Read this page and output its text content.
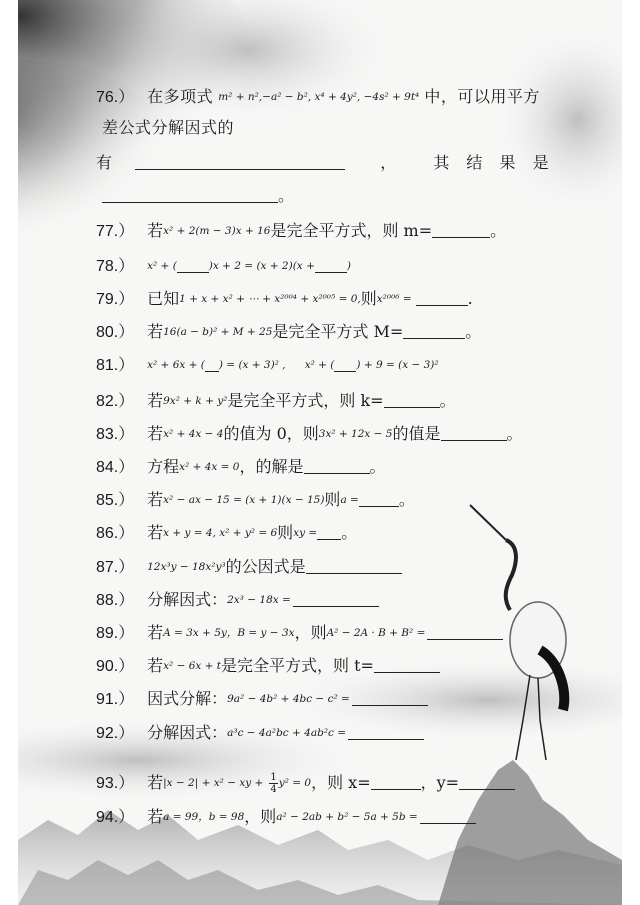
76.） 在多项式 m² + n²,−a² − b², x⁴ + 4y², −4s² + 9t⁴ 中，可以用平方
差公式分解因式的
有	， 其 结 果 是
。
77.） 若x² + 2(m − 3)x + 16是完全平方式，则 m=	。
78.） x² + (	)x + 2 = (x + 2)(x +	)
79.） 已知1 + x + x² + ⋯ + x²⁰⁰⁴ + x²⁰⁰⁵ = 0,则x²⁰⁰⁶ =	.
80.） 若16(a − b)² + M + 25是完全平方式 M=	。
81.） x² + 6x + ( ) = (x + 3)² , x² + ( ) + 9 = (x − 3)²
82.） 若9x² + k + y²是完全平方式，则 k=	。
83.） 若x² + 4x − 4的值为 0，则3x² + 12x − 5的值是	。
84.） 方程x² + 4x = 0，的解是	。
85.） 若x² − ax − 15 = (x + 1)(x − 15)则a =	。
86.） 若x + y = 4, x² + y² = 6则xy = 。
87.） 12x³y − 18x²y³的公因式是
88.） 分解因式：2x³ − 18x =
89.） 若A = 3x + 5y，B = y − 3x，则A² − 2A · B + B² =
90.） 若x² − 6x + t是完全平方式，则 t=
91.） 因式分解：9a² − 4b² + 4bc − c² =
92.） 分解因式：a³c − 4a²bc + 4ab²c =
93.） 若|x − 2| + x² − xy + $\frac{1}{4} y^2 = 0$，则 x=	，y=
94.） 若a = 99，b = 98，则a² − 2ab + b² − 5a + 5b =
